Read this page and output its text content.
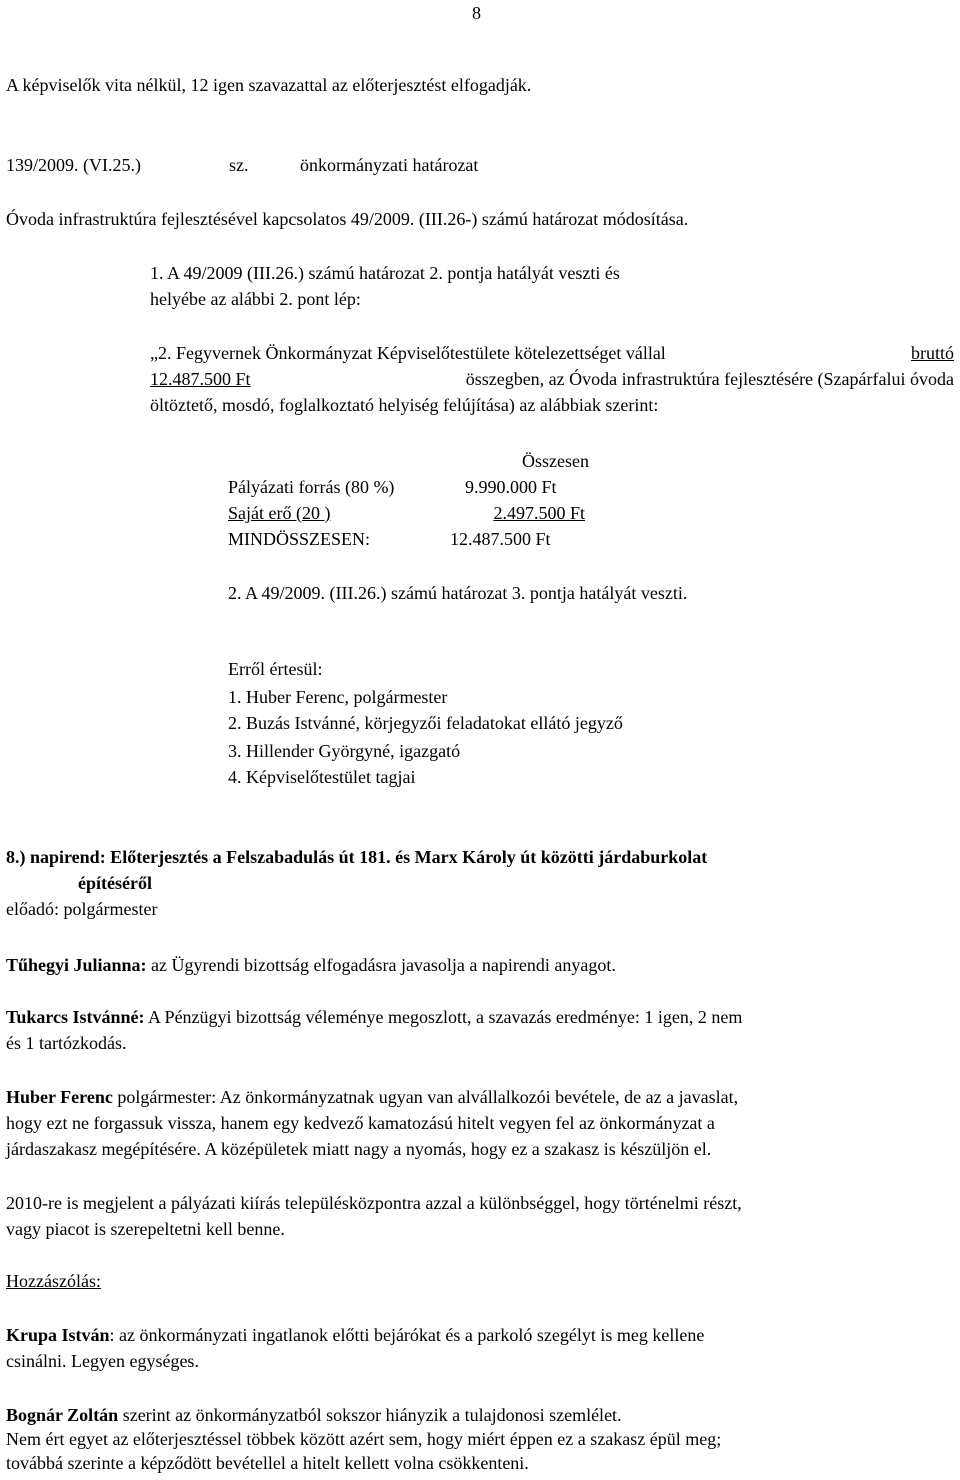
8
A képviselők vita nélkül, 12 igen szavazattal az előterjesztést elfogadják.
139/2009. (VI.25.)	sz.	önkormányzati határozat
Óvoda infrastruktúra fejlesztésével kapcsolatos 49/2009. (III.26-) számú határozat módosítása.
1. A 49/2009 (III.26.) számú határozat 2. pontja hatályát veszti és
helyébe az alábbi 2. pont lép:
„2. Fegyvernek Önkormányzat Képviselőtestülete kötelezettséget vállal	bruttó
12.487.500 Ft	összegben, az Óvoda infrastruktúra fejlesztésére (Szapárfalui óvoda
öltöztető, mosdó, foglalkoztató helyiség felújítása) az alábbiak szerint:
Összesen
Pályázati forrás (80 %)	9.990.000 Ft
Saját erő (20 )	2.497.500 Ft
MINDÖSSZESEN:	12.487.500 Ft
2. A 49/2009. (III.26.) számú határozat 3. pontja hatályát veszti.
Erről értesül:
1. Huber Ferenc, polgármester
2. Buzás Istvánné, körjegyzői feladatokat ellátó jegyző
3. Hillender Györgyné, igazgató
4. Képviselőtestület tagjai
8.) napirend: Előterjesztés a Felszabadulás út 181. és Marx Károly út közötti járdaburkolat
építéséről
előadó: polgármester
Tűhegyi Julianna: az Ügyrendi bizottság elfogadásra javasolja a napirendi anyagot.
Tukarcs Istvánné: A Pénzügyi bizottság véleménye megoszlott, a szavazás eredménye: 1 igen, 2 nem
és 1 tartózkodás.
Huber Ferenc polgármester: Az önkormányzatnak ugyan van alvállalkozói bevétele, de az a javaslat,
hogy ezt ne forgassuk vissza, hanem egy kedvező kamatozású hitelt vegyen fel az önkormányzat a
járdaszakasz megépítésére. A középületek miatt nagy a nyomás, hogy ez a szakasz is készüljön el.
2010-re is megjelent a pályázati kiírás településközpontra azzal a különbséggel, hogy történelmi részt,
vagy piacot is szerepeltetni kell benne.
Hozzászólás:
Krupa István: az önkormányzati ingatlanok előtti bejárókat és a parkoló szegélyt is meg kellene
csinálni. Legyen egységes.
Bognár Zoltán szerint az önkormányzatból sokszor hiányzik a tulajdonosi szemlélet.
Nem ért egyet az előterjesztéssel többek között azért sem, hogy miért éppen ez a szakasz épül meg;
továbbá szerinte a képződött bevétellel a hitelt kellett volna csökkenteni.
